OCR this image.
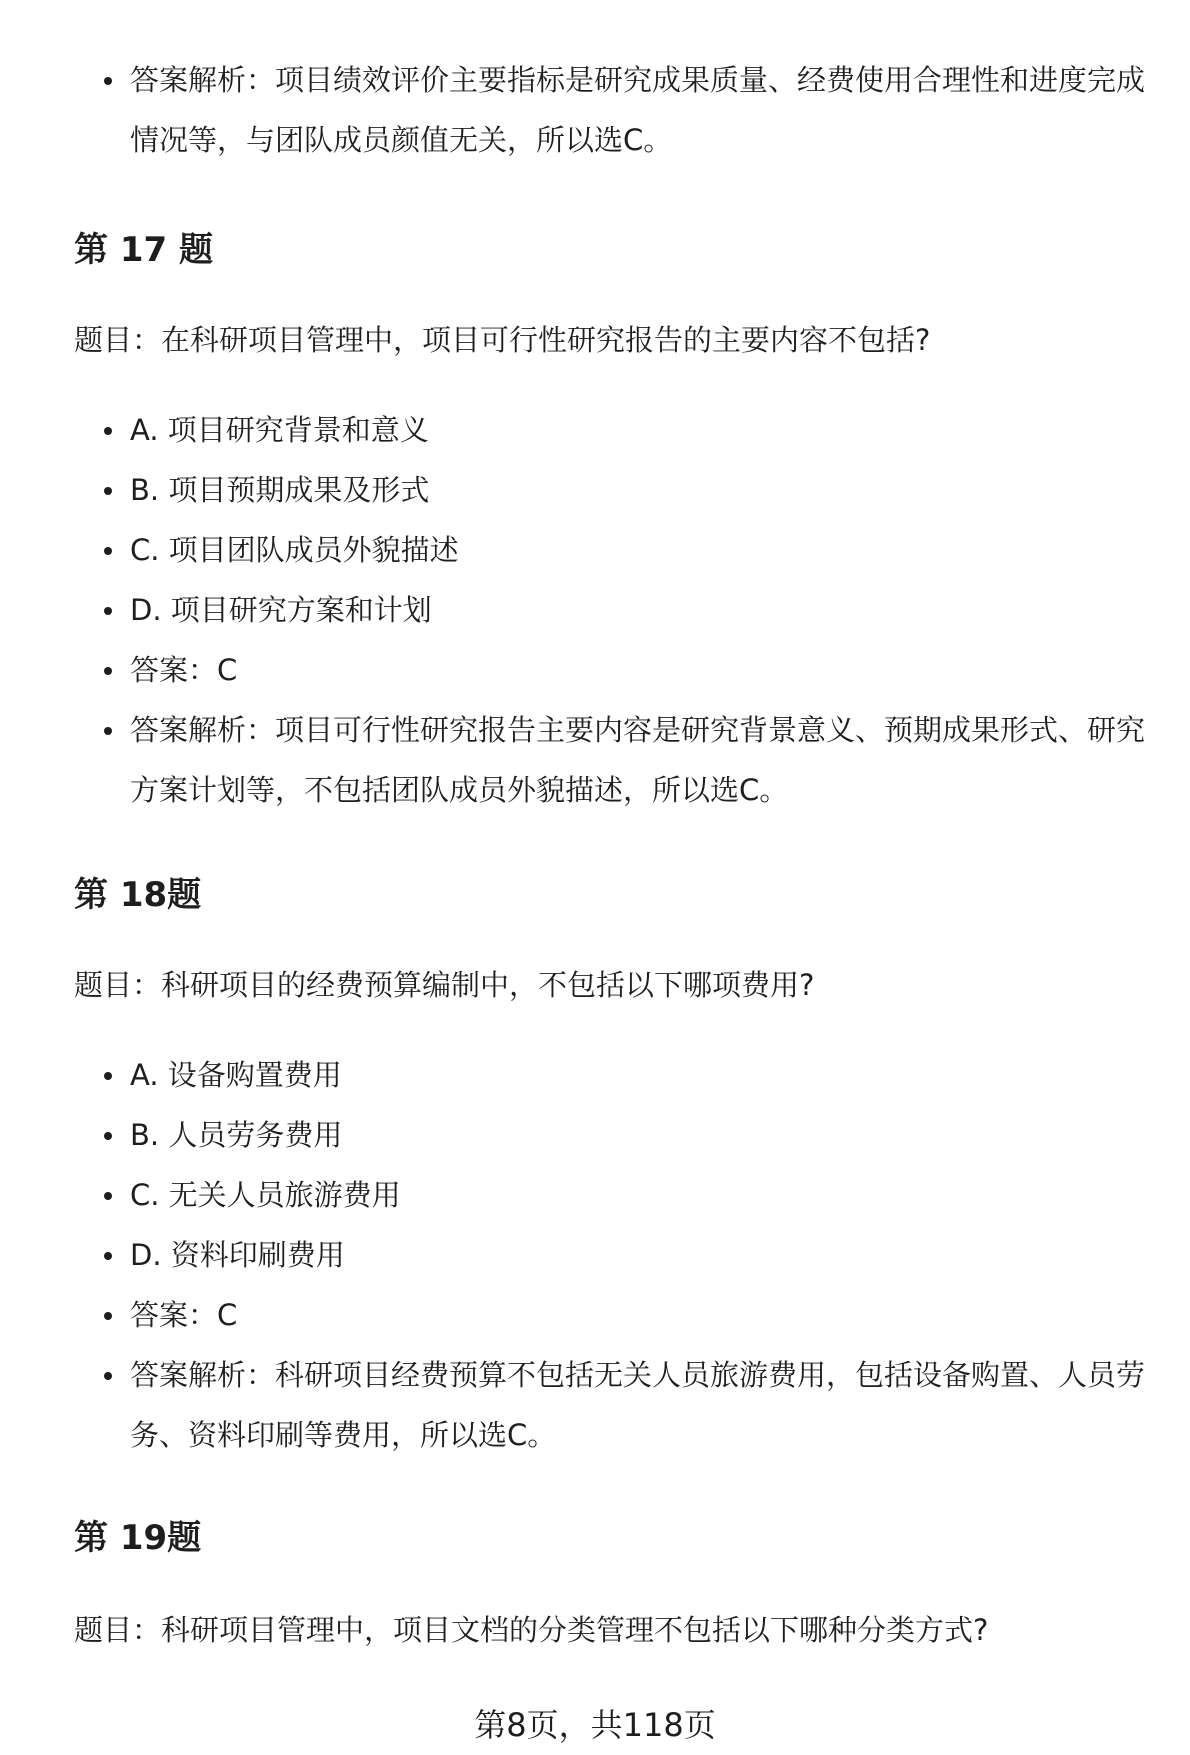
答案解析：项目绩效评价主要指标是研究成果质量、经费使用合理性和进度完成情况等，与团队成员颜值无关，所以选C。
第 17 题

题目：在科研项目管理中，项目可行性研究报告的主要内容不包括?

A. 项目研究背景和意义
B. 项目预期成果及形式
C. 项目团队成员外貌描述
D. 项目研究方案和计划
答案：C
答案解析：项目可行性研究报告主要内容是研究背景意义、预期成果形式、研究方案计划等，不包括团队成员外貌描述，所以选C。
第 18题

题目：科研项目的经费预算编制中，不包括以下哪项费用?

A. 设备购置费用
B. 人员劳务费用
C. 无关人员旅游费用
D. 资料印刷费用
答案：C
答案解析：科研项目经费预算不包括无关人员旅游费用，包括设备购置、人员劳务、资料印刷等费用，所以选C。
第 19题

题目：科研项目管理中，项目文档的分类管理不包括以下哪种分类方式?

第8页，共118页
